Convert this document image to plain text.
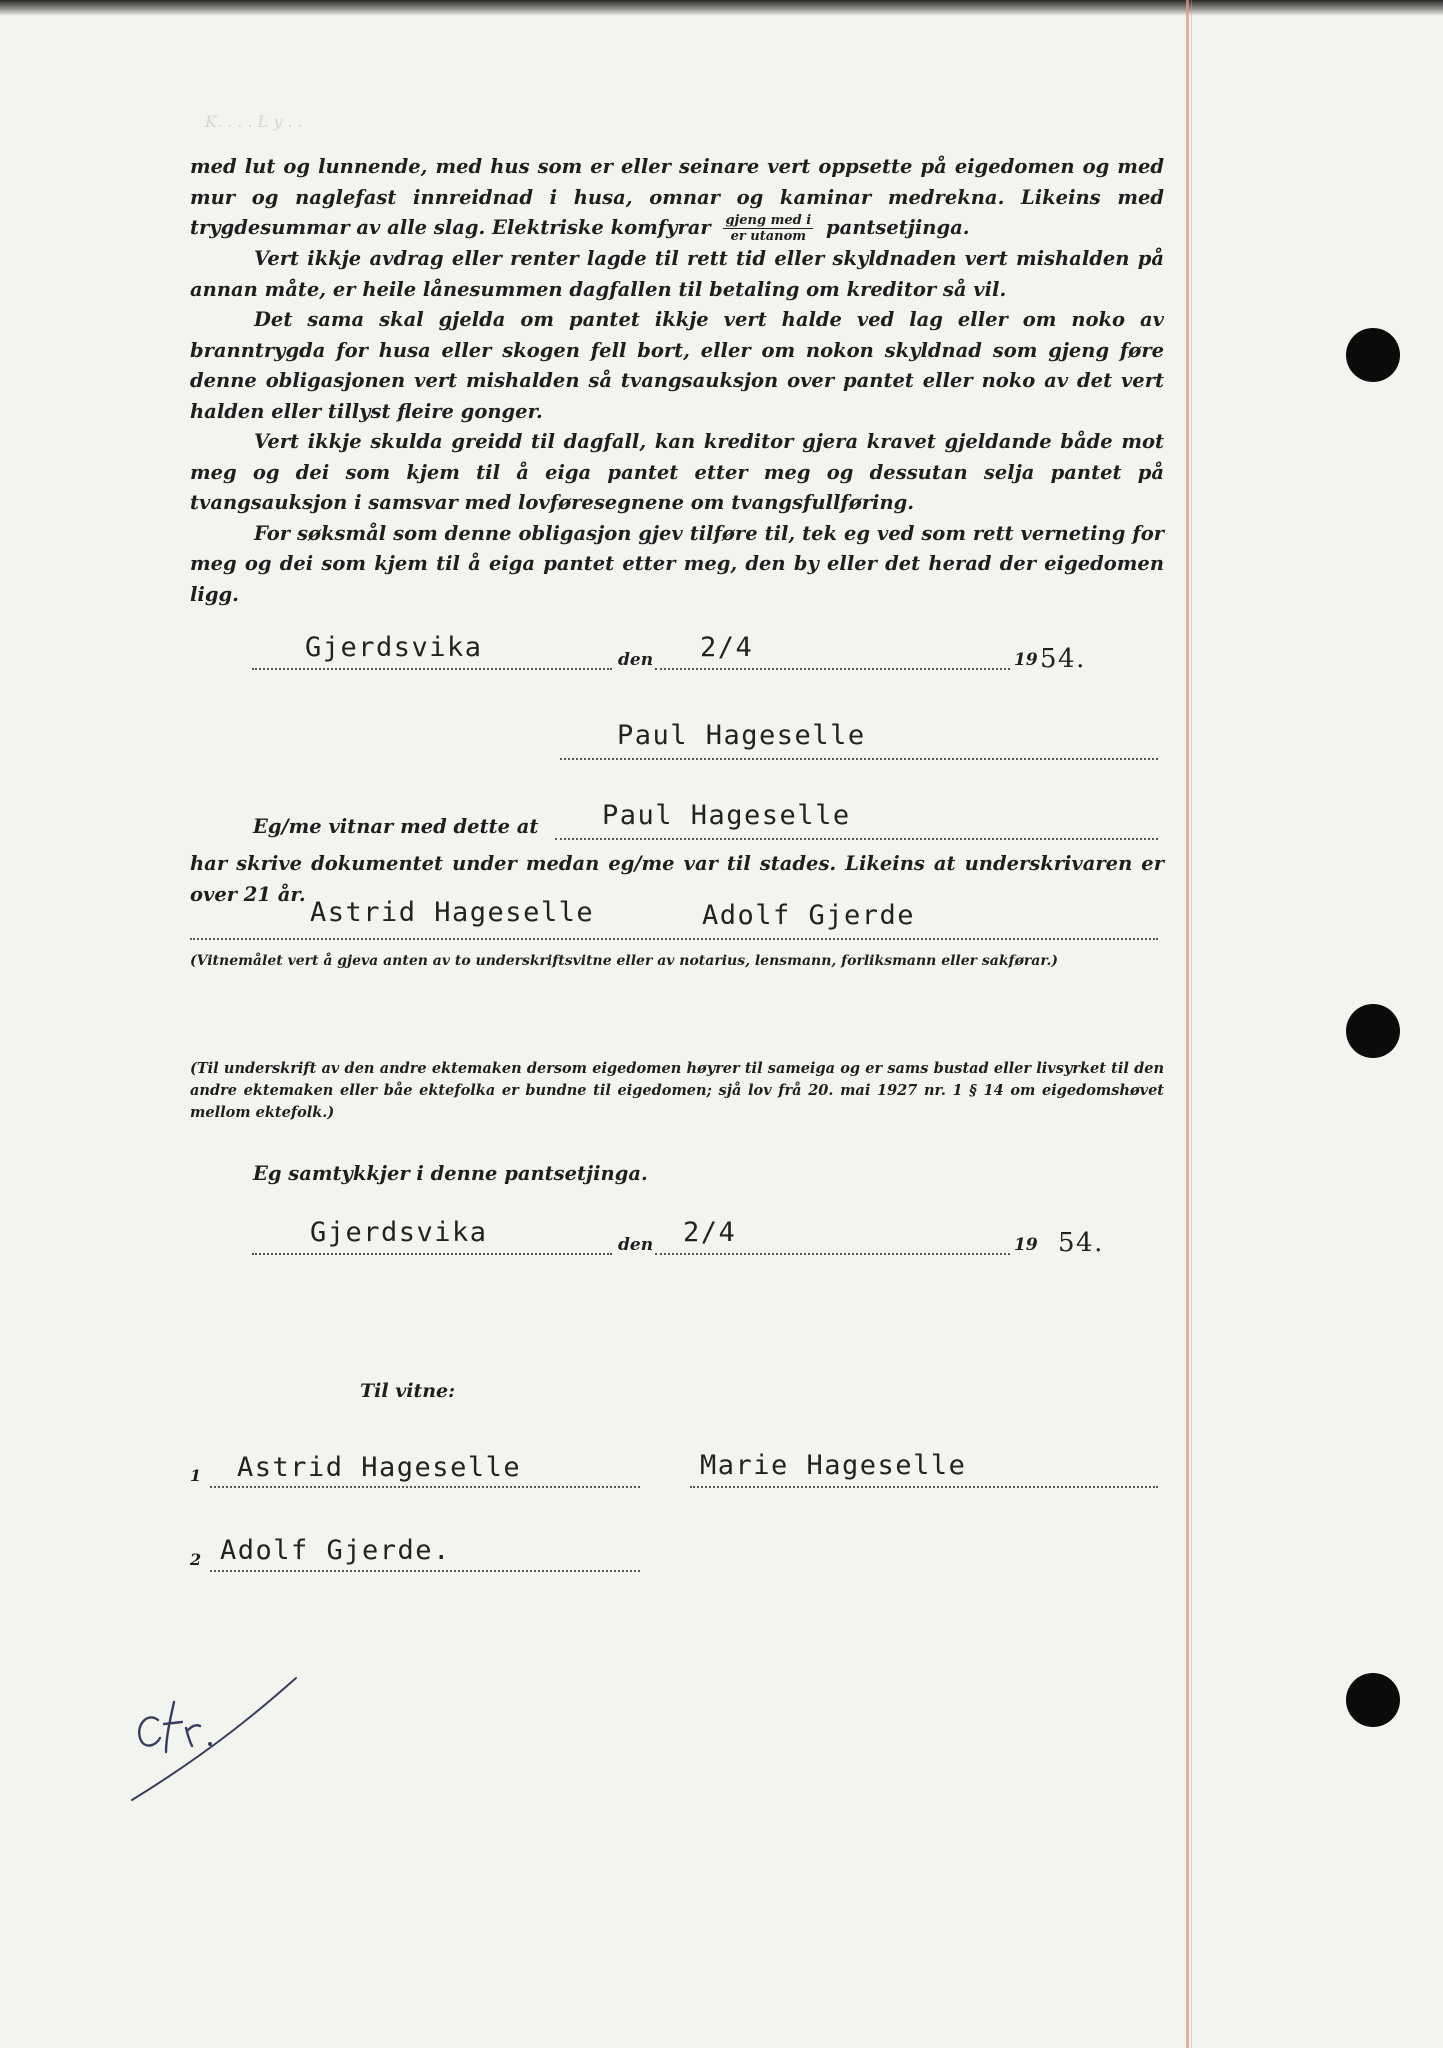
K. . . . L y . .

med lut og lunnende, med hus som er eller seinare vert oppsette på eigedomen og med mur og naglefast innreidnad i husa, omnar og kaminar medrekna. Likeins med trygdesummar av alle slag. Elektriske komfyrar $\frac{\text{gjeng med i}}{\text{er utanom}}$ pantsetjinga.

Vert ikkje avdrag eller renter lagde til rett tid eller skyldnaden vert mishalden på annan måte, er heile lånesummen dagfallen til betaling om kreditor så vil.

Det sama skal gjelda om pantet ikkje vert halde ved lag eller om noko av branntrygda for husa eller skogen fell bort, eller om nokon skyldnad som gjeng føre denne obligasjonen vert mishalden så tvangsauksjon over pantet eller noko av det vert halden eller tillyst fleire gonger.

Vert ikkje skulda greidd til dagfall, kan kreditor gjera kravet gjeldande både mot meg og dei som kjem til å eiga pantet etter meg og dessutan selja pantet på tvangsauksjon i samsvar med lovføresegnene om tvangsfullføring.

For søksmål som denne obligasjon gjev tilføre til, tek eg ved som rett verneting for meg og dei som kjem til å eiga pantet etter meg, den by eller det herad der eigedomen ligg.

Gjerdsvika	den 2/4	19 54.
Paul Hageselle
Eg/me vitnar med dette at Paul Hageselle
har skrive dokumentet under medan eg/me var til stades. Likeins at underskrivaren er over 21 år.
Astrid Hageselle	Adolf Gjerde
(Vitnemålet vert å gjeva anten av to underskriftsvitne eller av notarius, lensmann, forliksmann eller sakførar.)
(Til underskrift av den andre ektemaken dersom eigedomen høyrer til sameiga og er sams bustad eller livsyrket til den andre ektemaken eller båe ektefolka er bundne til eigedomen; sjå lov frå 20. mai 1927 nr. 1 § 14 om eigedomshøvet mellom ektefolk.)
Eg samtykkjer i denne pantsetjinga.
Gjerdsvika	den 2/4	19 54.
Til vitne:
1 Astrid Hageselle	Marie Hageselle
2 Adolf Gjerde.
